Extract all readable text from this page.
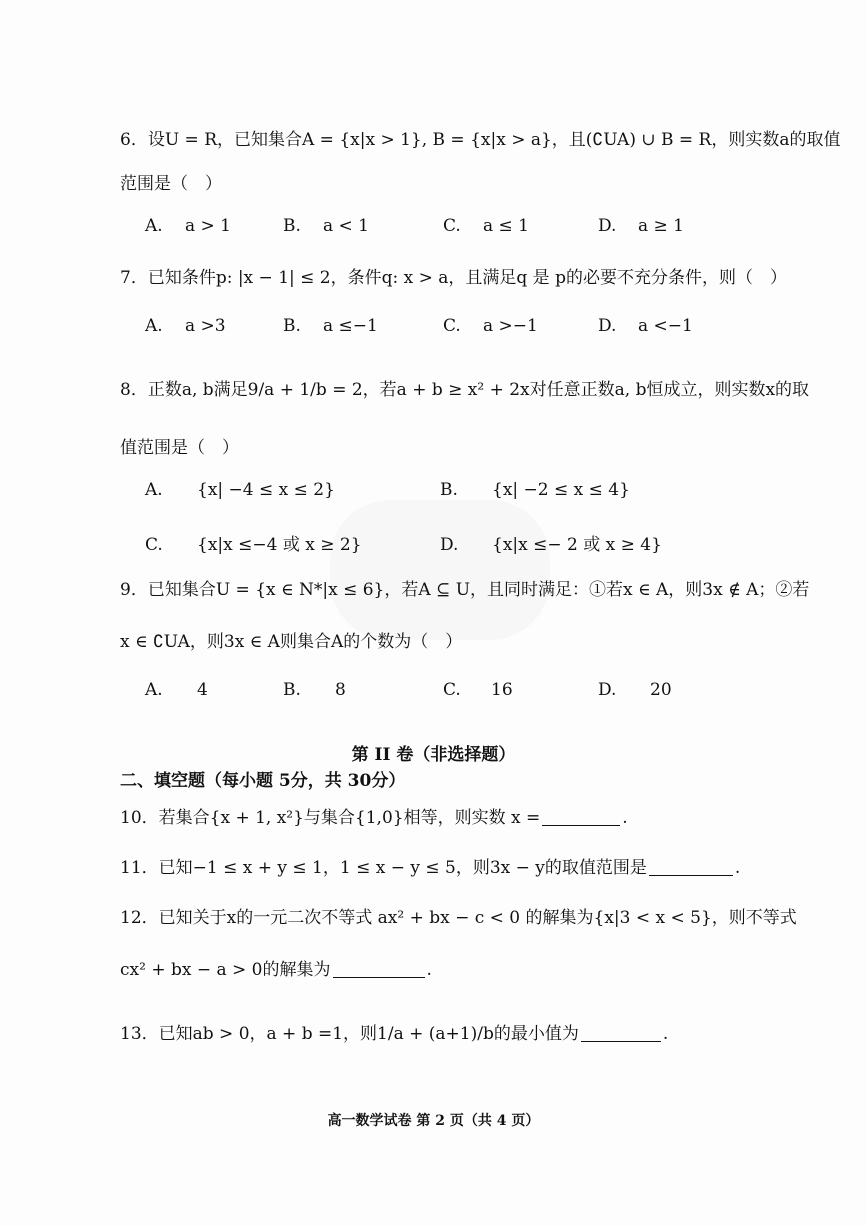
6．设U = R，已知集合A = {x|x > 1}, B = {x|x > a}，且(∁UA) ∪ B = R，则实数a的取值
范围是（　）
A. a > 1	B. a < 1	C. a ≤ 1	D. a ≥ 1
7．已知条件p: |x − 1| ≤ 2，条件q: x > a，且满足q 是 p的必要不充分条件，则（　）
A. a >3	B. a ≤−1	C. a >−1	D. a <−1
8．正数a, b满足9/a + 1/b = 2，若a + b ≥ x² + 2x对任意正数a, b恒成立，则实数x的取
值范围是（　）
A. {x| −4 ≤ x ≤ 2}	B. {x| −2 ≤ x ≤ 4}
C. {x|x ≤−4 或 x ≥ 2}	D. {x|x ≤− 2 或 x ≥ 4}
9．已知集合U = {x ∈ N*|x ≤ 6}，若A ⊆ U，且同时满足：①若x ∈ A，则3x ∉ A；②若
x ∈ ∁UA，则3x ∈ A则集合A的个数为（　）
A. 4	B. 8	C. 16	D. 20
第 II 卷（非选择题）
二、填空题（每小题 5分，共 30分）
10．若集合{x + 1, x²}与集合{1,0}相等，则实数 x =	.
11．已知−1 ≤ x + y ≤ 1，1 ≤ x − y ≤ 5，则3x − y的取值范围是	.
12．已知关于x的一元二次不等式 ax² + bx − c < 0 的解集为{x|3 < x < 5}，则不等式
cx² + bx − a > 0的解集为	.
13．已知ab > 0，a + b =1，则1/a + (a+1)/b的最小值为	.
高一数学试卷 第 2 页（共 4 页）
